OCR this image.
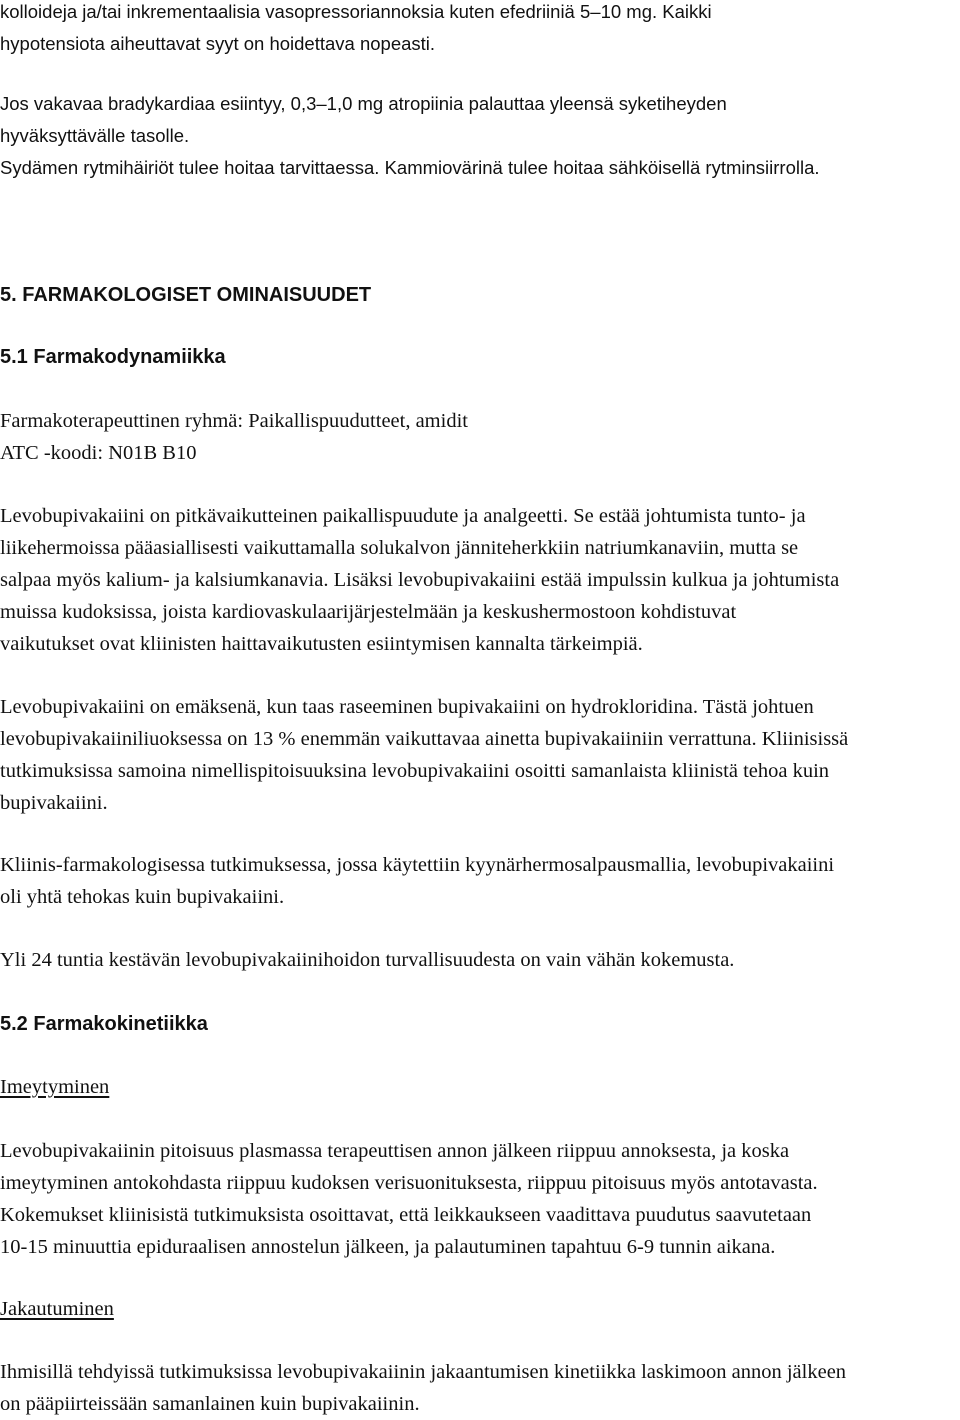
kolloideja ja/tai inkrementaalisia vasopressoriannoksia kuten efedriiniä 5–10 mg. Kaikki
hypotensiota aiheuttavat syyt on hoidettava nopeasti.
Jos vakavaa bradykardiaa esiintyy, 0,3–1,0 mg atropiinia palauttaa yleensä syketiheyden
hyväksyttävälle tasolle.
Sydämen rytmihäiriöt tulee hoitaa tarvittaessa. Kammiovärinä tulee hoitaa sähköisellä rytminsiirrolla.
5. FARMAKOLOGISET OMINAISUUDET
5.1 Farmakodynamiikka
Farmakoterapeuttinen ryhmä: Paikallispuudutteet, amidit
ATC -koodi: N01B B10
Levobupivakaiini on pitkävaikutteinen paikallispuudute ja analgeetti. Se estää johtumista tunto- ja
liikehermoissa pääasiallisesti vaikuttamalla solukalvon jänniteherkkiin natriumkanaviin, mutta se
salpaa myös kalium- ja kalsiumkanavia. Lisäksi levobupivakaiini estää impulssin kulkua ja johtumista
muissa kudoksissa, joista kardiovaskulaarijärjestelmään ja keskushermostoon kohdistuvat
vaikutukset ovat kliinisten haittavaikutusten esiintymisen kannalta tärkeimpiä.
Levobupivakaiini on emäksenä, kun taas raseeminen bupivakaiini on hydrokloridina. Tästä johtuen
levobupivakaiiniliuoksessa on 13 % enemmän vaikuttavaa ainetta bupivakaiiniin verrattuna. Kliinisissä
tutkimuksissa samoina nimellispitoisuuksina levobupivakaiini osoitti samanlaista kliinistä tehoa kuin
bupivakaiini.
Kliinis-farmakologisessa tutkimuksessa, jossa käytettiin kyynärhermosalpausmallia, levobupivakaiini
oli yhtä tehokas kuin bupivakaiini.
Yli 24 tuntia kestävän levobupivakaiinihoidon turvallisuudesta on vain vähän kokemusta.
5.2 Farmakokinetiikka
Imeytyminen
Levobupivakaiinin pitoisuus plasmassa terapeuttisen annon jälkeen riippuu annoksesta, ja koska
imeytyminen antokohdasta riippuu kudoksen verisuonituksesta, riippuu pitoisuus myös antotavasta.
Kokemukset kliinisistä tutkimuksista osoittavat, että leikkaukseen vaadittava puudutus saavutetaan
10-15 minuuttia epiduraalisen annostelun jälkeen, ja palautuminen tapahtuu 6-9 tunnin aikana.
Jakautuminen
Ihmisillä tehdyissä tutkimuksissa levobupivakaiinin jakaantumisen kinetiikka laskimoon annon jälkeen
on pääpiirteissään samanlainen kuin bupivakaiinin.
